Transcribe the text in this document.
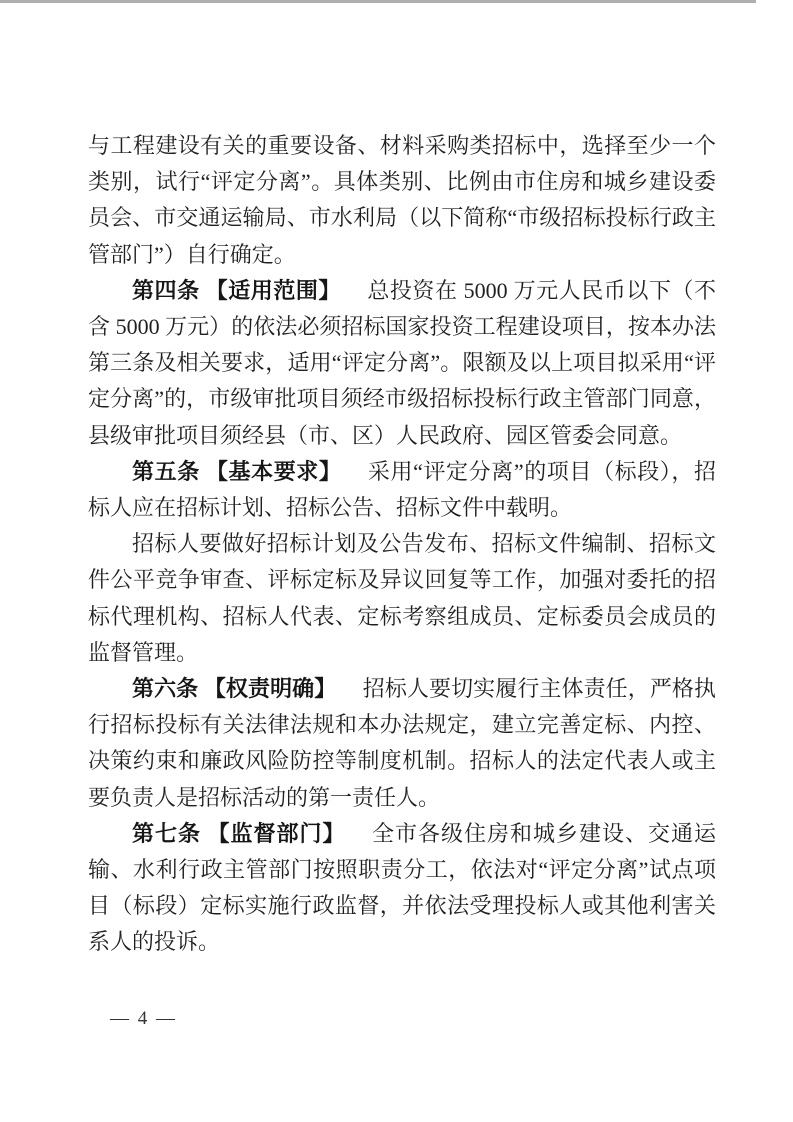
与工程建设有关的重要设备、材料采购类招标中，选择至少一个类别，试行“评定分离”。具体类别、比例由市住房和城乡建设委员会、市交通运输局、市水利局（以下简称“市级招标投标行政主管部门”）自行确定。

第四条 【适用范围】 总投资在 5000 万元人民币以下（不含 5000 万元）的依法必须招标国家投资工程建设项目，按本办法第三条及相关要求，适用“评定分离”。限额及以上项目拟采用“评定分离”的，市级审批项目须经市级招标投标行政主管部门同意，县级审批项目须经县（市、区）人民政府、园区管委会同意。

第五条 【基本要求】 采用“评定分离”的项目（标段），招标人应在招标计划、招标公告、招标文件中载明。

招标人要做好招标计划及公告发布、招标文件编制、招标文件公平竞争审查、评标定标及异议回复等工作，加强对委托的招标代理机构、招标人代表、定标考察组成员、定标委员会成员的监督管理。

第六条 【权责明确】 招标人要切实履行主体责任，严格执行招标投标有关法律法规和本办法规定，建立完善定标、内控、决策约束和廉政风险防控等制度机制。招标人的法定代表人或主要负责人是招标活动的第一责任人。

第七条 【监督部门】 全市各级住房和城乡建设、交通运输、水利行政主管部门按照职责分工，依法对“评定分离”试点项目（标段）定标实施行政监督，并依法受理投标人或其他利害关系人的投诉。

— 4 —
